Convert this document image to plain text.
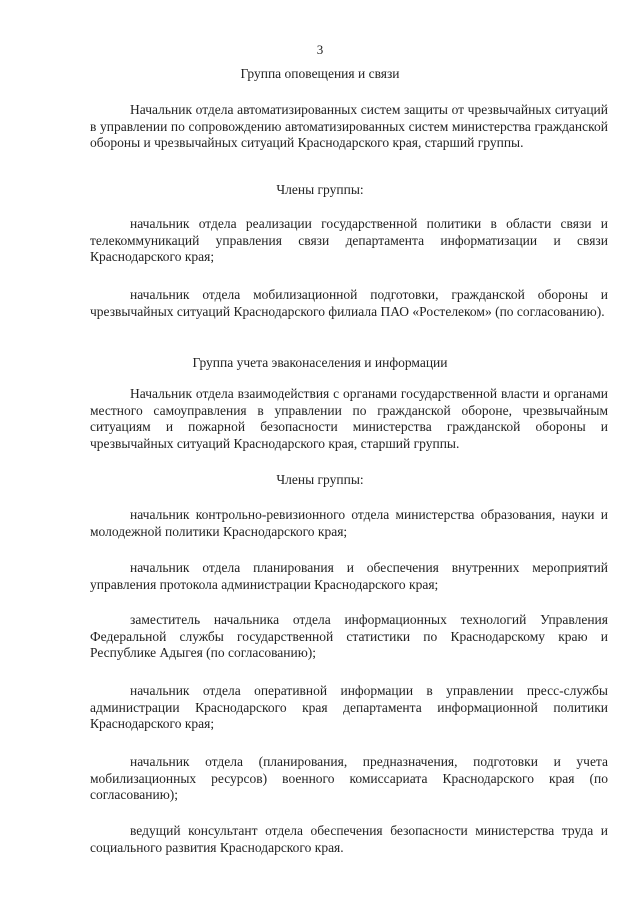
3
Группа оповещения и связи

Начальник отдела автоматизированных систем защиты от чрезвычайных ситуаций в управлении по сопровождению автоматизированных систем министерства гражданской обороны и чрезвычайных ситуаций Краснодарского края, старший группы.

Члены группы:

начальник отдела реализации государственной политики в области связи и телекоммуникаций управления связи департамента информатизации и связи Краснодарского края;

начальник отдела мобилизационной подготовки, гражданской обороны и чрезвычайных ситуаций Краснодарского филиала ПАО «Ростелеком» (по согласованию).

Группа учета эваконаселения и информации

Начальник отдела взаимодействия с органами государственной власти и органами местного самоуправления в управлении по гражданской обороне, чрезвычайным ситуациям и пожарной безопасности министерства гражданской обороны и чрезвычайных ситуаций Краснодарского края, старший группы.

Члены группы:

начальник контрольно-ревизионного отдела министерства образования, науки и молодежной политики Краснодарского края;

начальник отдела планирования и обеспечения внутренних мероприятий управления протокола администрации Краснодарского края;

заместитель начальника отдела информационных технологий Управления Федеральной службы государственной статистики по Краснодарскому краю и Республике Адыгея (по согласованию);

начальник отдела оперативной информации в управлении пресс-службы администрации Краснодарского края департамента информационной политики Краснодарского края;

начальник отдела (планирования, предназначения, подготовки и учета мобилизационных ресурсов) военного комиссариата Краснодарского края (по согласованию);

ведущий консультант отдела обеспечения безопасности министерства труда и социального развития Краснодарского края.
